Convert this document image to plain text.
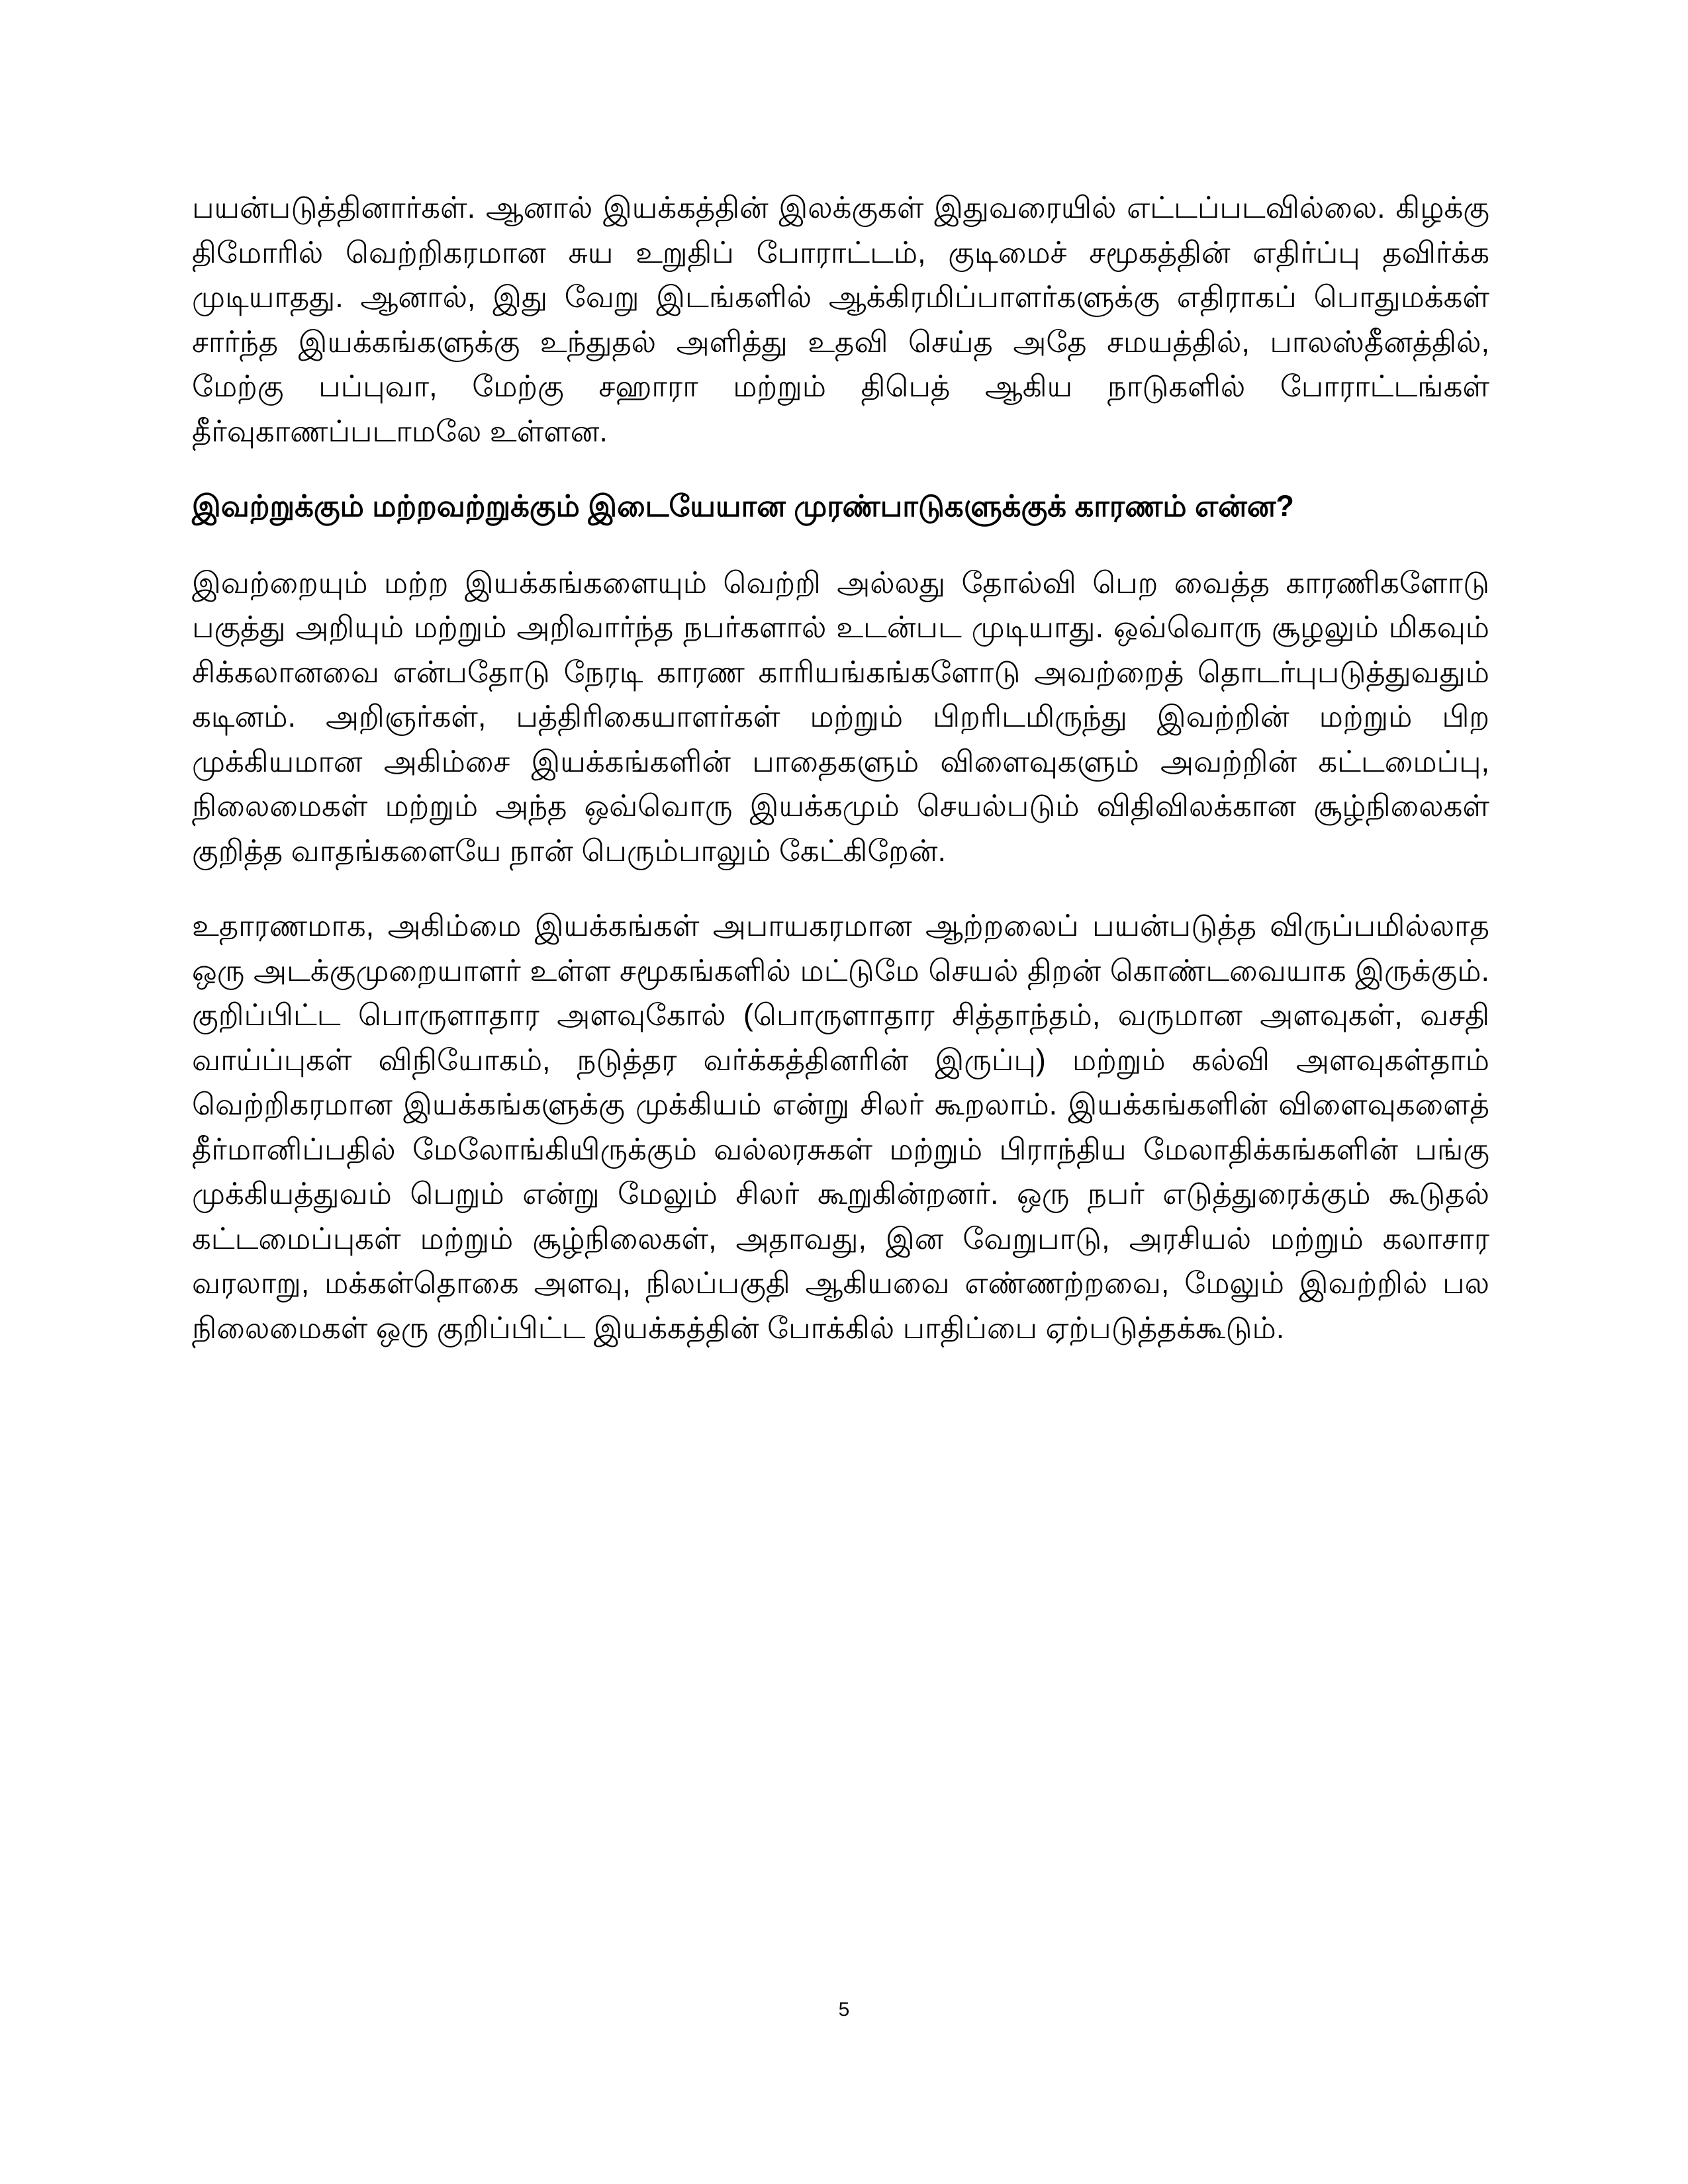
பயன்படுத்தினார்கள். ஆனால் இயக்கத்தின் இலக்குகள் இதுவரையில் எட்டப்படவில்லை. கிழக்கு திமோரில் வெற்றிகரமான சுய உறுதிப் போராட்டம், குடிமைச் சமூகத்தின் எதிர்ப்பு தவிர்க்க முடியாதது. ஆனால், இது வேறு இடங்களில் ஆக்கிரமிப்பாளர்களுக்கு எதிராகப் பொதுமக்கள் சார்ந்த இயக்கங்களுக்கு உந்துதல் அளித்து உதவி செய்த அதே சமயத்தில், பாலஸ்தீனத்தில், மேற்கு பப்புவா, மேற்கு சஹாரா மற்றும் திபெத் ஆகிய நாடுகளில் போராட்டங்கள் தீர்வுகாணப்படாமலே உள்ளன.

இவற்றுக்கும் மற்றவற்றுக்கும் இடையேயான முரண்பாடுகளுக்குக் காரணம் என்ன?

இவற்றையும் மற்ற இயக்கங்களையும் வெற்றி அல்லது தோல்வி பெற வைத்த காரணிகளோடு பகுத்து அறியும் மற்றும் அறிவார்ந்த நபர்களால் உடன்பட முடியாது. ஒவ்வொரு சூழலும் மிகவும் சிக்கலானவை என்பதோடு நேரடி காரண காரியங்கங்களோடு அவற்றைத் தொடர்புபடுத்துவதும் கடினம். அறிஞர்கள், பத்திரிகையாளர்கள் மற்றும் பிறரிடமிருந்து இவற்றின் மற்றும் பிற முக்கியமான அகிம்சை இயக்கங்களின் பாதைகளும் விளைவுகளும் அவற்றின் கட்டமைப்பு, நிலைமைகள் மற்றும் அந்த ஒவ்வொரு இயக்கமும் செயல்படும் விதிவிலக்கான சூழ்நிலைகள் குறித்த வாதங்களையே நான் பெரும்பாலும் கேட்கிறேன்.

உதாரணமாக, அகிம்மை இயக்கங்கள் அபாயகரமான ஆற்றலைப் பயன்படுத்த விருப்பமில்லாத ஒரு அடக்குமுறையாளர் உள்ள சமூகங்களில் மட்டுமே செயல் திறன் கொண்டவையாக இருக்கும். குறிப்பிட்ட பொருளாதார அளவுகோல் (பொருளாதார சித்தாந்தம், வருமான அளவுகள், வசதி வாய்ப்புகள் விநியோகம், நடுத்தர வர்க்கத்தினரின் இருப்பு) மற்றும் கல்வி அளவுகள்தாம் வெற்றிகரமான இயக்கங்களுக்கு முக்கியம் என்று சிலர் கூறலாம். இயக்கங்களின் விளைவுகளைத் தீர்மானிப்பதில் மேலோங்கியிருக்கும் வல்லரசுகள் மற்றும் பிராந்திய மேலாதிக்கங்களின் பங்கு முக்கியத்துவம் பெறும் என்று மேலும் சிலர் கூறுகின்றனர். ஒரு நபர் எடுத்துரைக்கும் கூடுதல் கட்டமைப்புகள் மற்றும் சூழ்நிலைகள், அதாவது, இன வேறுபாடு, அரசியல் மற்றும் கலாசார வரலாறு, மக்கள்தொகை அளவு, நிலப்பகுதி ஆகியவை எண்ணற்றவை, மேலும் இவற்றில் பல நிலைமைகள் ஒரு குறிப்பிட்ட இயக்கத்தின் போக்கில் பாதிப்பை ஏற்படுத்தக்கூடும்.

5
